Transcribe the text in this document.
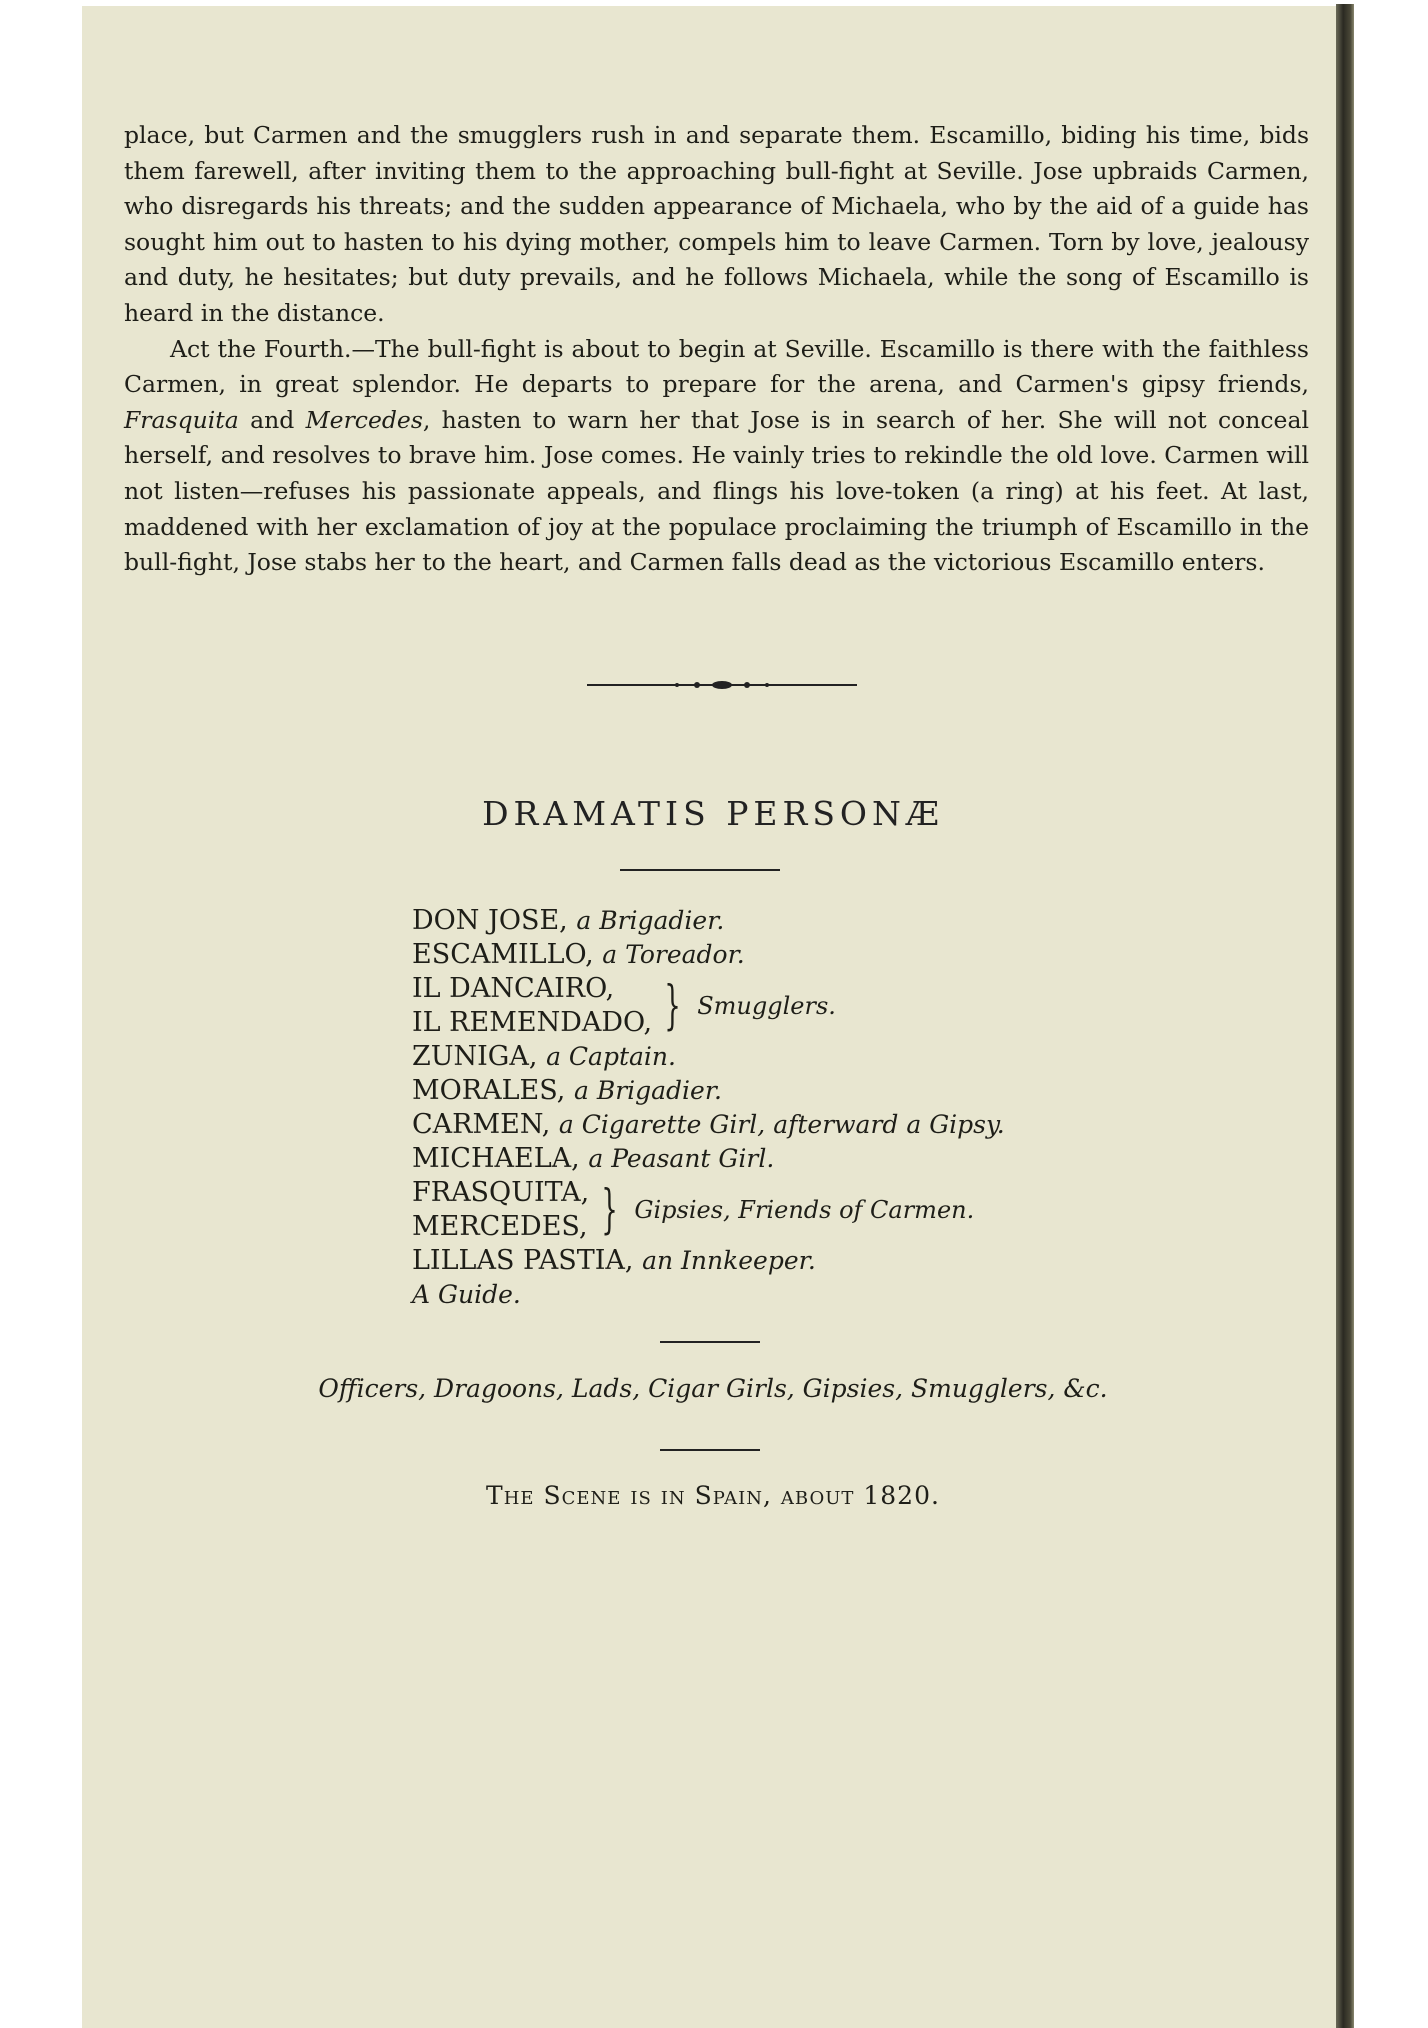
place, but Carmen and the smugglers rush in and separate them. Escamillo, biding his time, bids them farewell, after inviting them to the approaching bull-fight at Seville. Jose upbraids Carmen, who disregards his threats; and the sudden appearance of Michaela, who by the aid of a guide has sought him out to hasten to his dying mother, compels him to leave Carmen. Torn by love, jealousy and duty, he hesitates; but duty prevails, and he follows Michaela, while the song of Escamillo is heard in the distance.

Act the Fourth.—The bull-fight is about to begin at Seville. Escamillo is there with the faithless Carmen, in great splendor. He departs to prepare for the arena, and Carmen's gipsy friends, Frasquita and Mercedes, hasten to warn her that Jose is in search of her. She will not conceal herself, and resolves to brave him. Jose comes. He vainly tries to rekindle the old love. Carmen will not listen—refuses his passionate appeals, and flings his love-token (a ring) at his feet. At last, maddened with her exclamation of joy at the populace proclaiming the triumph of Escamillo in the bull-fight, Jose stabs her to the heart, and Carmen falls dead as the victorious Escamillo enters.

DRAMATIS PERSONÆ
DON JOSE, a Brigadier.
ESCAMILLO, a Toreador.
IL DANCAIRO,
IL REMENDADO, } Smugglers.
ZUNIGA, a Captain.
MORALES, a Brigadier.
CARMEN, a Cigarette Girl, afterward a Gipsy.
MICHAELA, a Peasant Girl.
FRASQUITA,
MERCEDES, } Gipsies, Friends of Carmen.
LILLAS PASTIA, an Innkeeper.
A Guide.
Officers, Dragoons, Lads, Cigar Girls, Gipsies, Smugglers, &c.
The Scene is in Spain, about 1820.
